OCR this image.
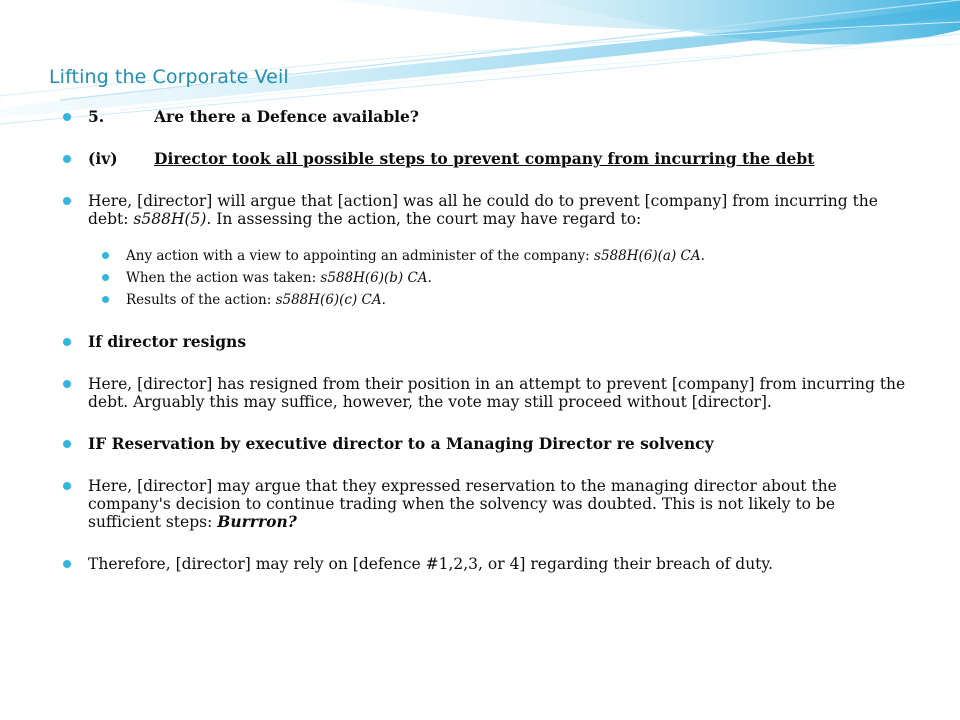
Lifting the Corporate Veil
5.	Are there a Defence available?
(iv) Director took all possible steps to prevent company from incurring the debt
Here, [director] will argue that [action] was all he could do to prevent [company] from incurring the debt: s588H(5). In assessing the action, the court may have regard to:
Any action with a view to appointing an administer of the company: s588H(6)(a) CA.
When the action was taken: s588H(6)(b) CA.
Results of the action: s588H(6)(c) CA.
If director resigns
Here, [director] has resigned from their position in an attempt to prevent [company] from incurring the debt. Arguably this may suffice, however, the vote may still proceed without [director].
IF Reservation by executive director to a Managing Director re solvency
Here, [director] may argue that they expressed reservation to the managing director about the company's decision to continue trading when the solvency was doubted. This is not likely to be sufficient steps: Burrron?
Therefore, [director] may rely on [defence #1,2,3, or 4] regarding their breach of duty.
